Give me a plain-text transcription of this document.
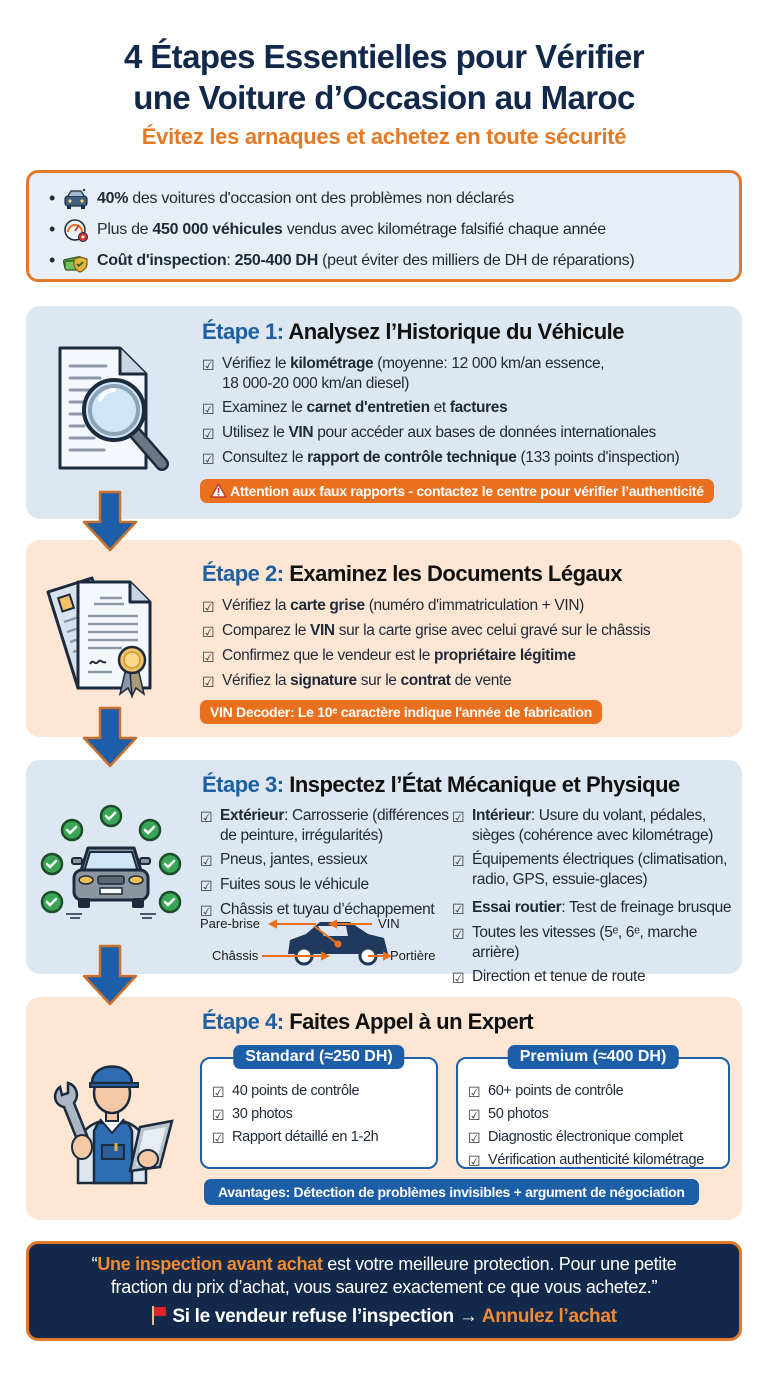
4 Étapes Essentielles pour Vérifier
une Voiture d’Occasion au Maroc
Évitez les arnaques et achetez en toute sécurité
•	40% des voitures d'occasion ont des problèmes non déclarés
•	Plus de 450 000 véhicules vendus avec kilométrage falsifié chaque année
•	Coût d'inspection: 250-400 DH (peut éviter des milliers de DH de réparations)
Étape 1: Analysez l’Historique du Véhicule
☑ Vérifiez le kilométrage (moyenne: 12 000 km/an essence,
18 000-20 000 km/an diesel)
☑ Examinez le carnet d'entretien et factures
☑ Utilisez le VIN pour accéder aux bases de données internationales
☑ Consultez le rapport de contrôle technique (133 points d'inspection)
Attention aux faux rapports - contactez le centre pour vérifier l’authenticité
Étape 2: Examinez les Documents Légaux
☑ Vérifiez la carte grise (numéro d'immatriculation + VIN)
☑ Comparez le VIN sur la carte grise avec celui gravé sur le châssis
☑ Confirmez que le vendeur est le propriétaire légitime
☑ Vérifiez la signature sur le contrat de vente
VIN Decoder: Le 10ᵉ caractère indique l'année de fabrication
Étape 3: Inspectez l’État Mécanique et Physique
☑ Extérieur: Carrosserie (différences
de peinture, irrégularités)
☑ Pneus, jantes, essieux
☑ Fuites sous le véhicule
☑ Châssis et tuyau d’échappement
☑ Intérieur: Usure du volant, pédales,
sièges (cohérence avec kilométrage)
☑ Équipements électriques (climatisation,
radio, GPS, essuie-glaces)
☑ Essai routier: Test de freinage brusque
☑ Toutes les vitesses (5ᵉ, 6ᵉ, marche arrière)
☑ Direction et tenue de route
Pare-brise	VIN
Châssis	Portière
Étape 4: Faites Appel à un Expert
Standard (≈250 DH)
☑ 40 points de contrôle
☑ 30 photos
☑ Rapport détaillé en 1-2h
Premium (≈400 DH)
☑ 60+ points de contrôle
☑ 50 photos
☑ Diagnostic électronique complet
☑ Vérification authenticité kilométrage
Avantages: Détection de problèmes invisibles + argument de négociation
“Une inspection avant achat est votre meilleure protection. Pour une petite
fraction du prix d’achat, vous saurez exactement ce que vous achetez.”
Si le vendeur refuse l’inspection → Annulez l’achat
